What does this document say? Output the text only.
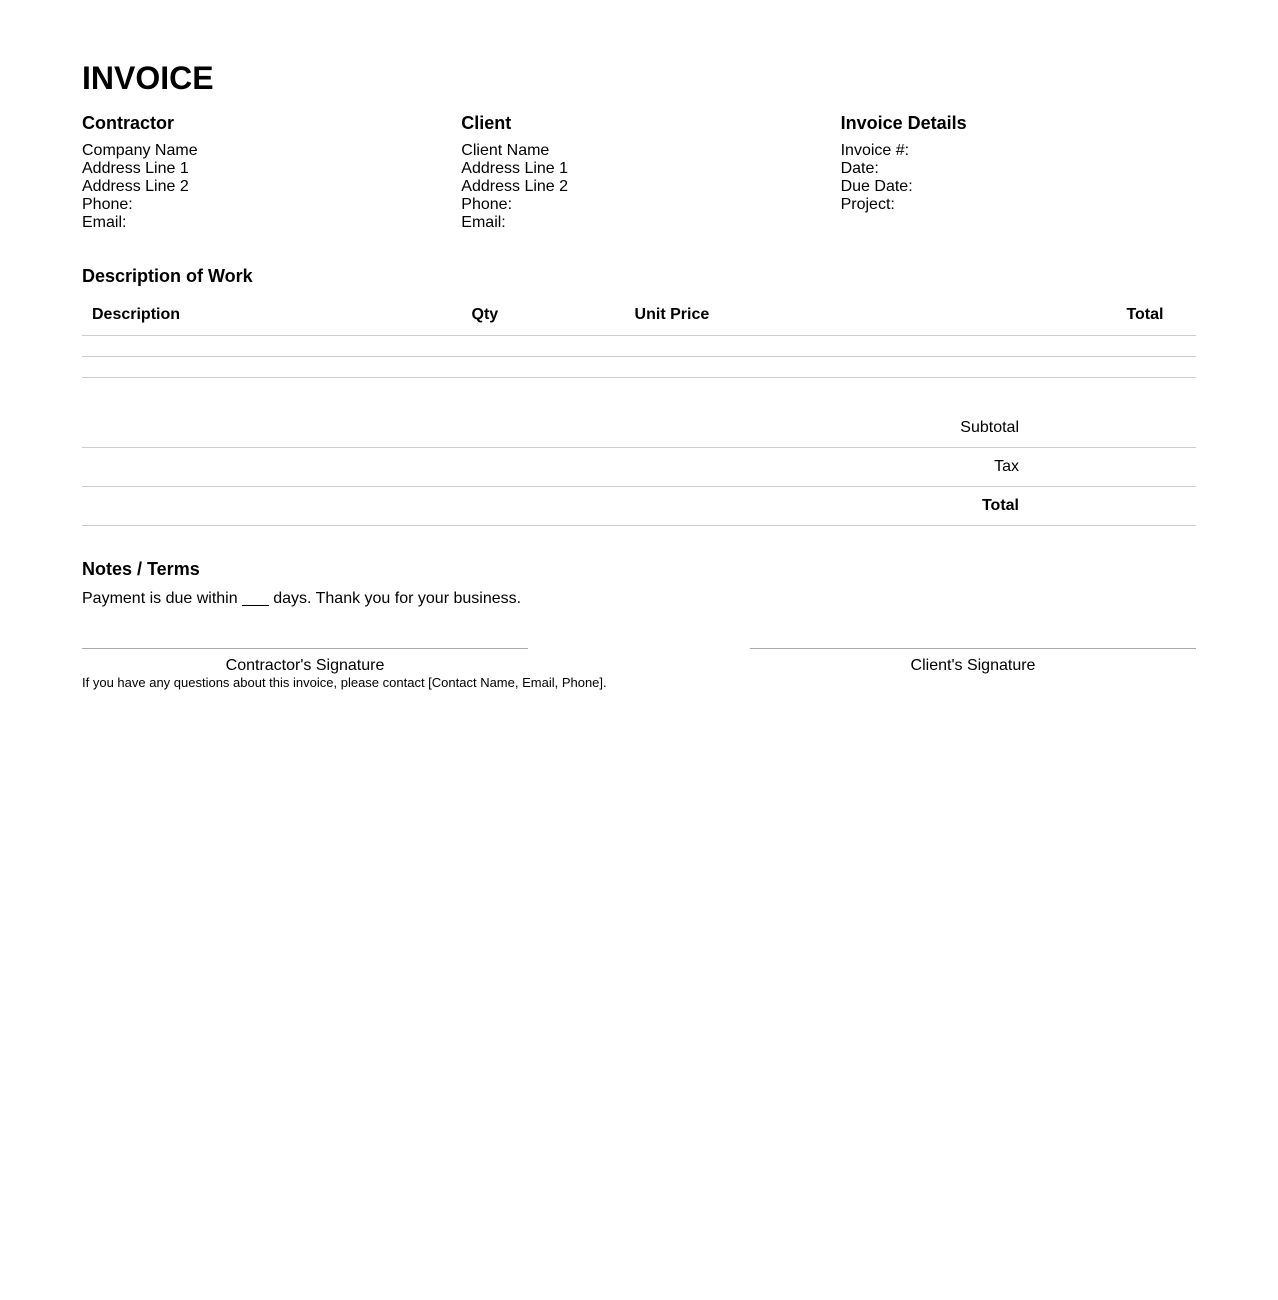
INVOICE
Contractor
Company Name
Address Line 1
Address Line 2
Phone:
Email:
Client
Client Name
Address Line 1
Address Line 2
Phone:
Email:
Invoice Details
Invoice #:
Date:
Due Date:
Project:
Description of Work
Description	Qty	Unit Price	Total

Subtotal
Tax
Total
Notes / Terms

Payment is due within ___ days. Thank you for your business.

Contractor's Signature	Client's Signature

If you have any questions about this invoice, please contact [Contact Name, Email, Phone].
